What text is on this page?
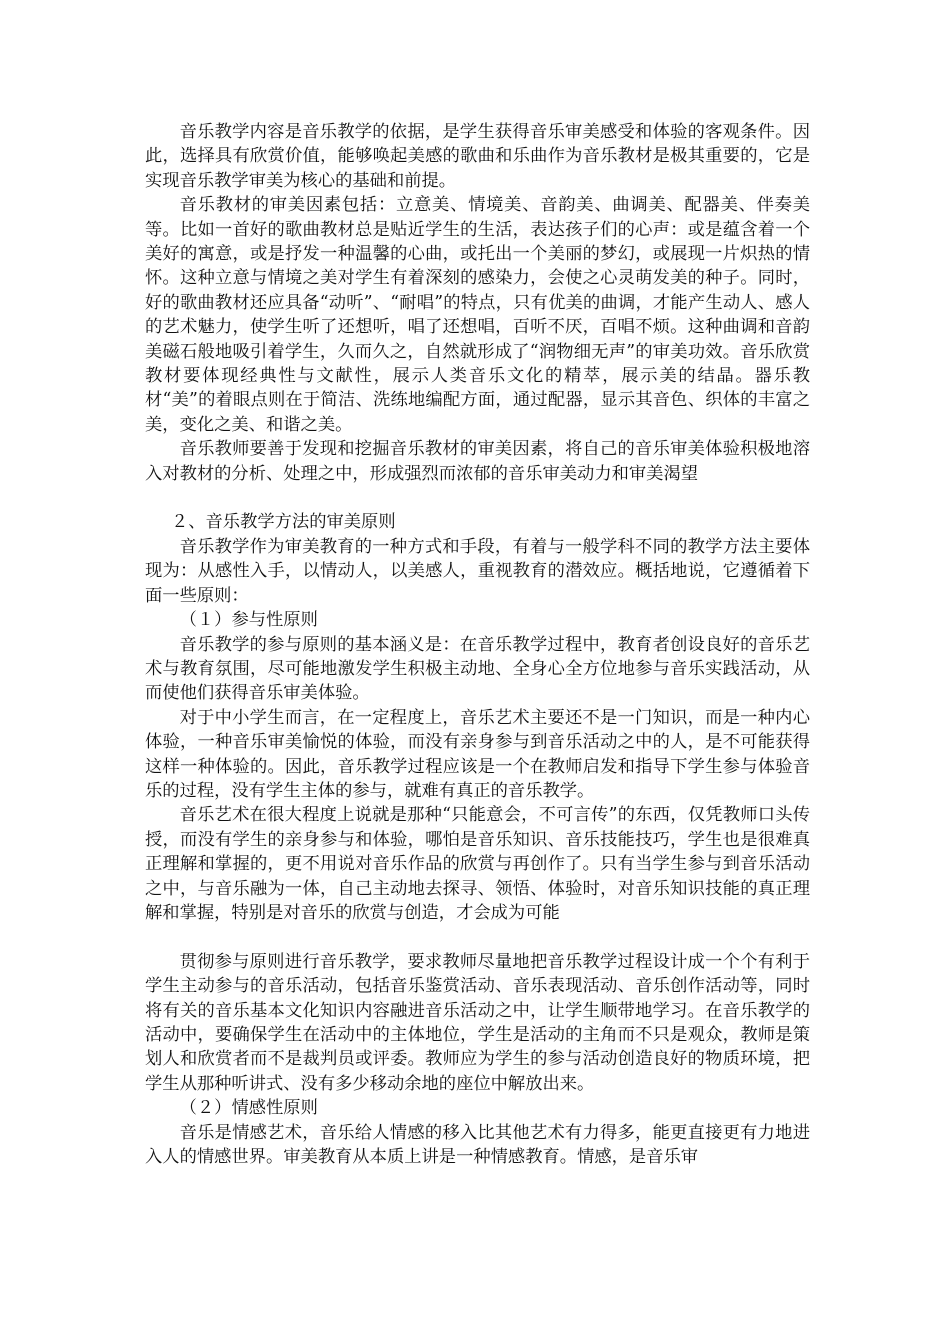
音乐教学内容是音乐教学的依据，是学生获得音乐审美感受和体验的客观条件。因此，选择具有欣赏价值，能够唤起美感的歌曲和乐曲作为音乐教材是极其重要的，它是实现音乐教学审美为核心的基础和前提。

音乐教材的审美因素包括：立意美、情境美、音韵美、曲调美、配器美、伴奏美等。比如一首好的歌曲教材总是贴近学生的生活，表达孩子们的心声：或是蕴含着一个美好的寓意，或是抒发一种温馨的心曲，或托出一个美丽的梦幻，或展现一片炽热的情怀。这种立意与情境之美对学生有着深刻的感染力，会使之心灵萌发美的种子。同时，好的歌曲教材还应具备“动听”、“耐唱”的特点，只有优美的曲调，才能产生动人、感人的艺术魅力，使学生听了还想听，唱了还想唱，百听不厌，百唱不烦。这种曲调和音韵美磁石般地吸引着学生，久而久之，自然就形成了“润物细无声”的审美功效。音乐欣赏教材要体现经典性与文献性，展示人类音乐文化的精萃，展示美的结晶。器乐教材“美”的着眼点则在于简洁、洗练地编配方面，通过配器，显示其音色、织体的丰富之美，变化之美、和谐之美。

音乐教师要善于发现和挖掘音乐教材的审美因素，将自己的音乐审美体验积极地溶入对教材的分析、处理之中，形成强烈而浓郁的音乐审美动力和审美渴望

２、音乐教学方法的审美原则

音乐教学作为审美教育的一种方式和手段，有着与一般学科不同的教学方法主要体现为：从感性入手，以情动人，以美感人，重视教育的潜效应。概括地说，它遵循着下面一些原则：

（１）参与性原则

音乐教学的参与原则的基本涵义是：在音乐教学过程中，教育者创设良好的音乐艺术与教育氛围，尽可能地激发学生积极主动地、全身心全方位地参与音乐实践活动，从而使他们获得音乐审美体验。

对于中小学生而言，在一定程度上，音乐艺术主要还不是一门知识，而是一种内心体验，一种音乐审美愉悦的体验，而没有亲身参与到音乐活动之中的人，是不可能获得这样一种体验的。因此，音乐教学过程应该是一个在教师启发和指导下学生参与体验音乐的过程，没有学生主体的参与，就难有真正的音乐教学。

音乐艺术在很大程度上说就是那种“只能意会，不可言传”的东西，仅凭教师口头传授，而没有学生的亲身参与和体验，哪怕是音乐知识、音乐技能技巧，学生也是很难真正理解和掌握的，更不用说对音乐作品的欣赏与再创作了。只有当学生参与到音乐活动之中，与音乐融为一体，自己主动地去探寻、领悟、体验时，对音乐知识技能的真正理解和掌握，特别是对音乐的欣赏与创造，才会成为可能

贯彻参与原则进行音乐教学，要求教师尽量地把音乐教学过程设计成一个个有利于学生主动参与的音乐活动，包括音乐鉴赏活动、音乐表现活动、音乐创作活动等，同时将有关的音乐基本文化知识内容融进音乐活动之中，让学生顺带地学习。在音乐教学的活动中，要确保学生在活动中的主体地位，学生是活动的主角而不只是观众，教师是策划人和欣赏者而不是裁判员或评委。教师应为学生的参与活动创造良好的物质环境，把学生从那种听讲式、没有多少移动余地的座位中解放出来。

（２）情感性原则

音乐是情感艺术，音乐给人情感的移入比其他艺术有力得多，能更直接更有力地进入人的情感世界。审美教育从本质上讲是一种情感教育。情感，是音乐审
